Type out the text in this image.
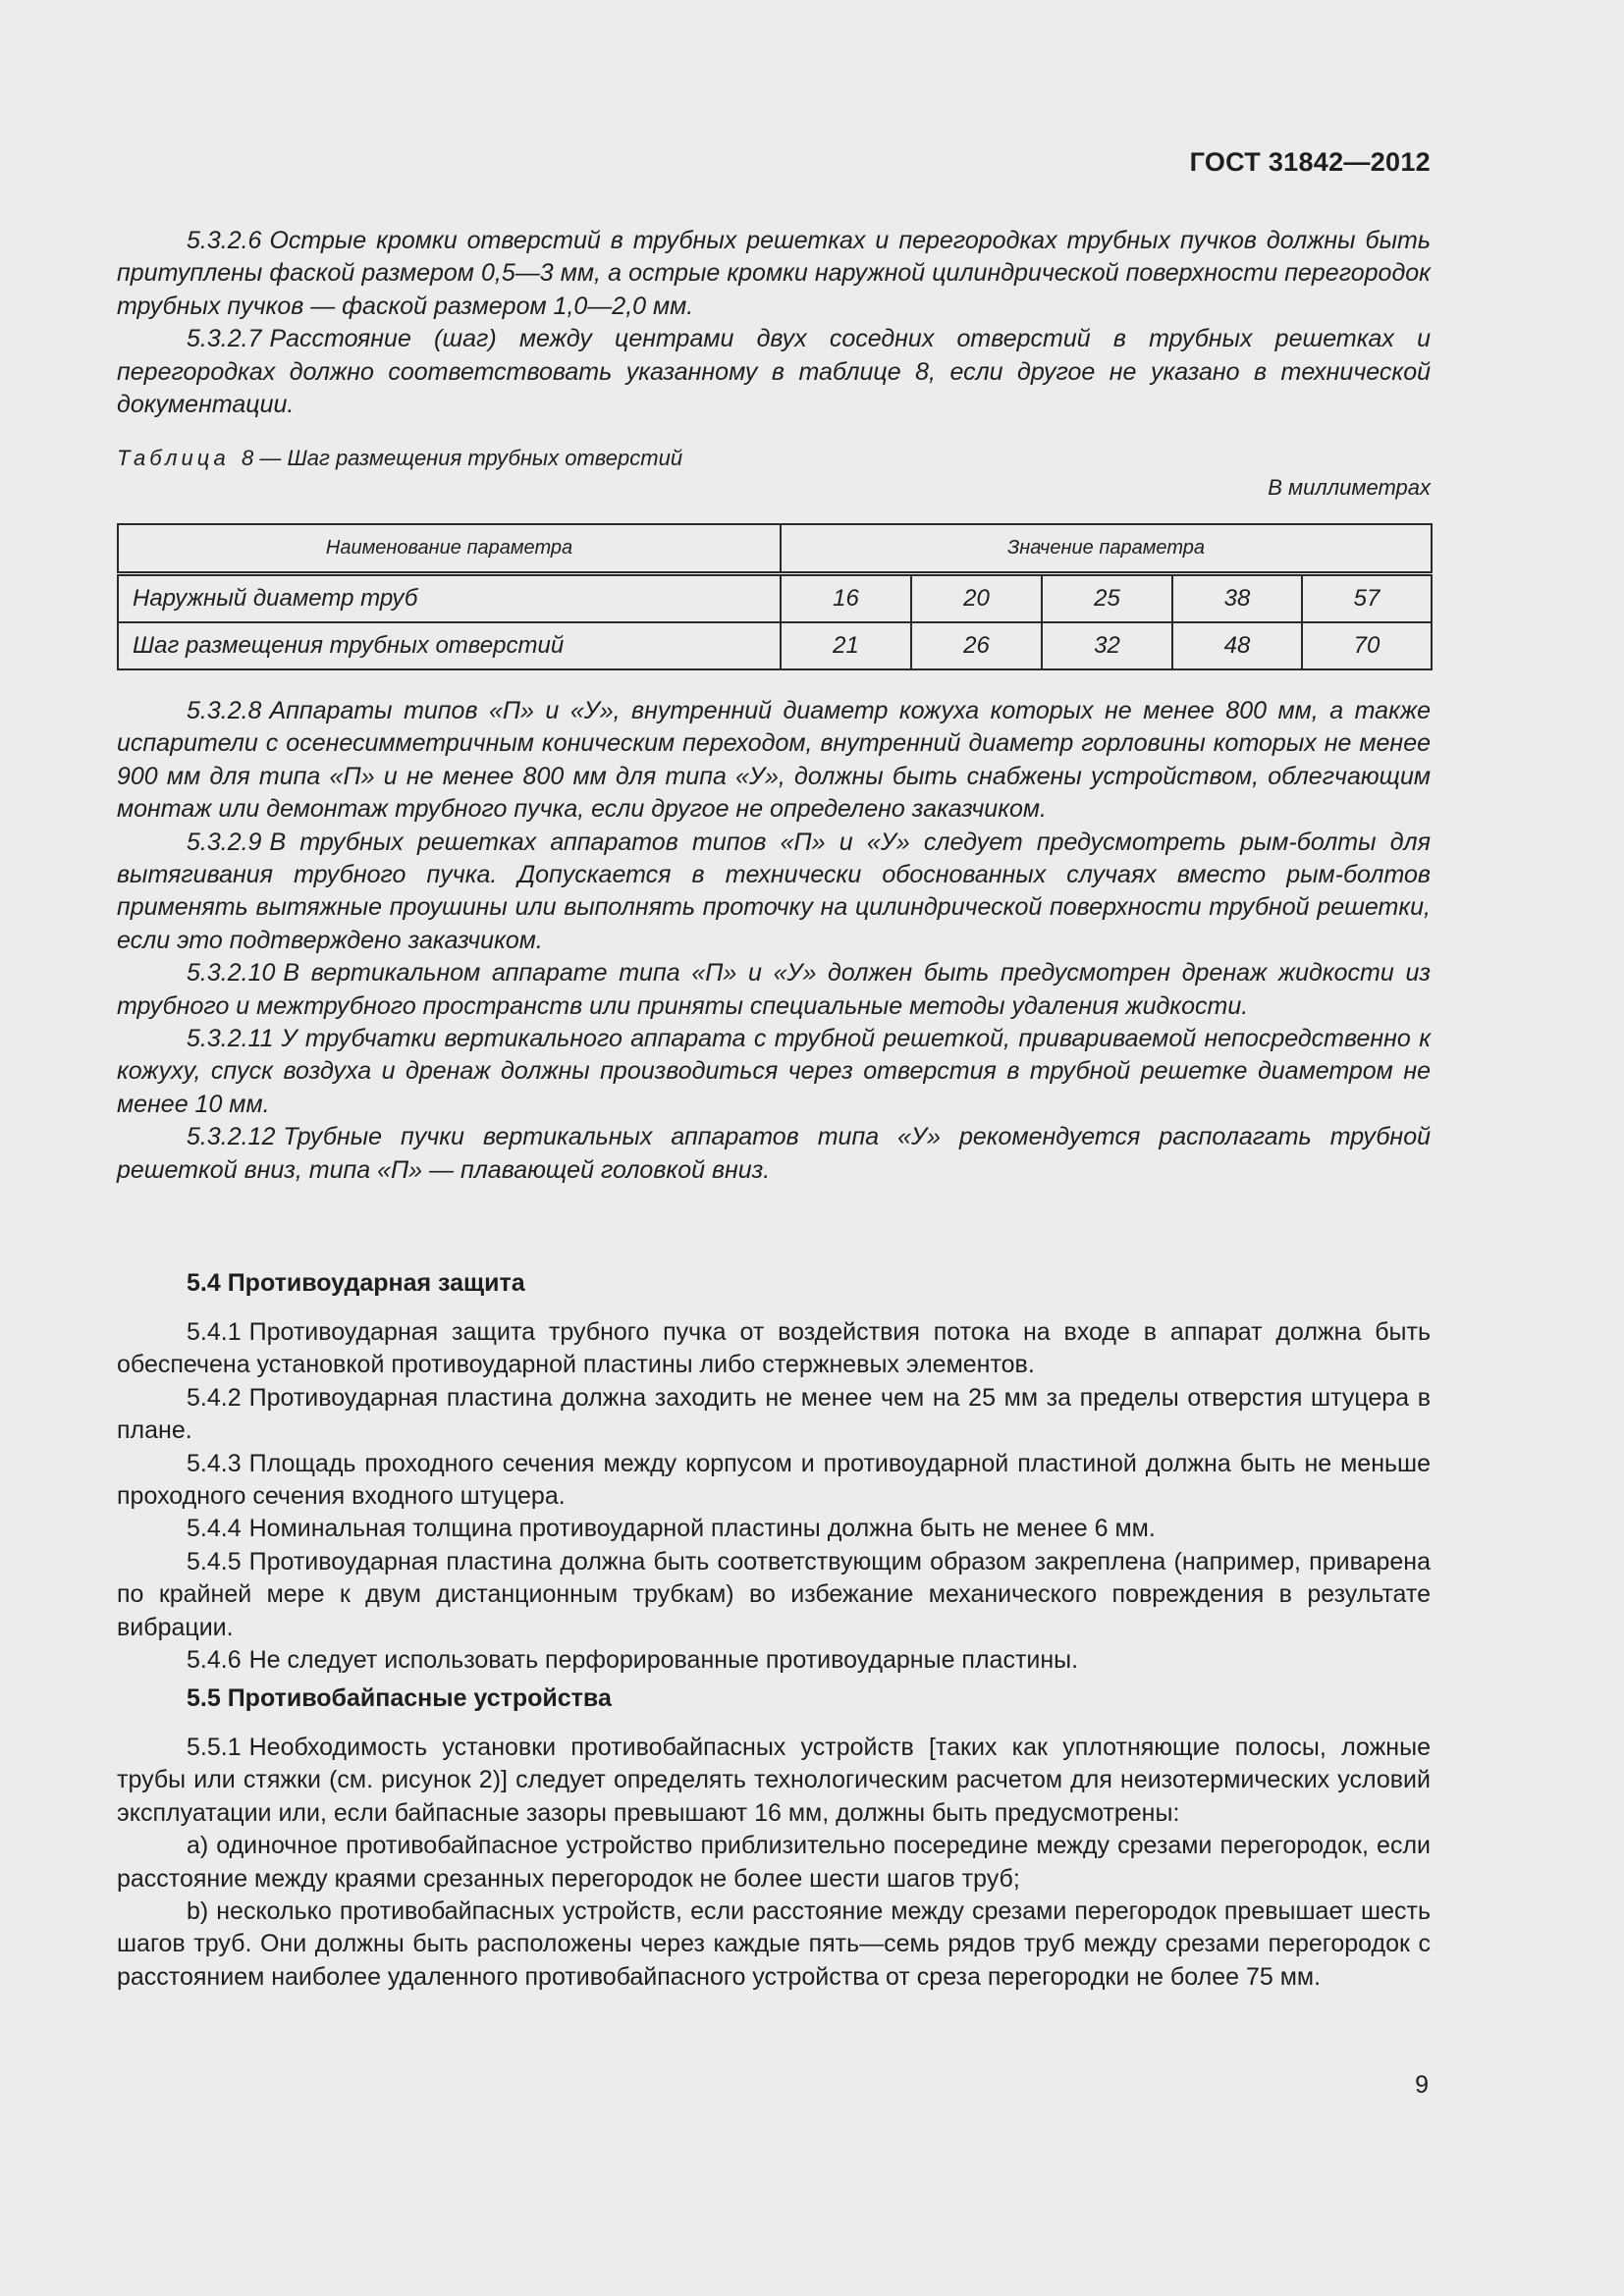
ГОСТ 31842—2012

5.3.2.6 Острые кромки отверстий в трубных решетках и перегородках трубных пучков должны быть притуплены фаской размером 0,5—3 мм, а острые кромки наружной цилиндрической поверхности перегородок трубных пучков — фаской размером 1,0—2,0 мм.

5.3.2.7 Расстояние (шаг) между центрами двух соседних отверстий в трубных решетках и перегородках должно соответствовать указанному в таблице 8, если другое не указано в технической документации.

Таблица 8 — Шаг размещения трубных отверстий
В миллиметрах
Наименование параметра	Значение параметра				
Наружный диаметр труб	16	20	25	38	57
Шаг размещения трубных отверстий	21	26	32	48	70

5.3.2.8 Аппараты типов «П» и «У», внутренний диаметр кожуха которых не менее 800 мм, а также испарители с осенесимметричным коническим переходом, внутренний диаметр горловины которых не менее 900 мм для типа «П» и не менее 800 мм для типа «У», должны быть снабжены устройством, облегчающим монтаж или демонтаж трубного пучка, если другое не определено заказчиком.

5.3.2.9 В трубных решетках аппаратов типов «П» и «У» следует предусмотреть рым-болты для вытягивания трубного пучка. Допускается в технически обоснованных случаях вместо рым-болтов применять вытяжные проушины или выполнять проточку на цилиндрической поверхности трубной решетки, если это подтверждено заказчиком.

5.3.2.10 В вертикальном аппарате типа «П» и «У» должен быть предусмотрен дренаж жидкости из трубного и межтрубного пространств или приняты специальные методы удаления жидкости.

5.3.2.11 У трубчатки вертикального аппарата с трубной решеткой, привариваемой непосредственно к кожуху, спуск воздуха и дренаж должны производиться через отверстия в трубной решетке диаметром не менее 10 мм.

5.3.2.12 Трубные пучки вертикальных аппаратов типа «У» рекомендуется располагать трубной решеткой вниз, типа «П» — плавающей головкой вниз.

5.4 Противоударная защита

5.4.1 Противоударная защита трубного пучка от воздействия потока на входе в аппарат должна быть обеспечена установкой противоударной пластины либо стержневых элементов.

5.4.2 Противоударная пластина должна заходить не менее чем на 25 мм за пределы отверстия штуцера в плане.

5.4.3 Площадь проходного сечения между корпусом и противоударной пластиной должна быть не меньше проходного сечения входного штуцера.

5.4.4 Номинальная толщина противоударной пластины должна быть не менее 6 мм.

5.4.5 Противоударная пластина должна быть соответствующим образом закреплена (например, приварена по крайней мере к двум дистанционным трубкам) во избежание механического повреждения в результате вибрации.

5.4.6 Не следует использовать перфорированные противоударные пластины.

5.5 Противобайпасные устройства

5.5.1 Необходимость установки противобайпасных устройств [таких как уплотняющие полосы, ложные трубы или стяжки (см. рисунок 2)] следует определять технологическим расчетом для неизотермических условий эксплуатации или, если байпасные зазоры превышают 16 мм, должны быть предусмотрены:

a) одиночное противобайпасное устройство приблизительно посередине между срезами перегородок, если расстояние между краями срезанных перегородок не более шести шагов труб;

b) несколько противобайпасных устройств, если расстояние между срезами перегородок превышает шесть шагов труб. Они должны быть расположены через каждые пять—семь рядов труб между срезами перегородок с расстоянием наиболее удаленного противобайпасного устройства от среза перегородки не более 75 мм.

9
